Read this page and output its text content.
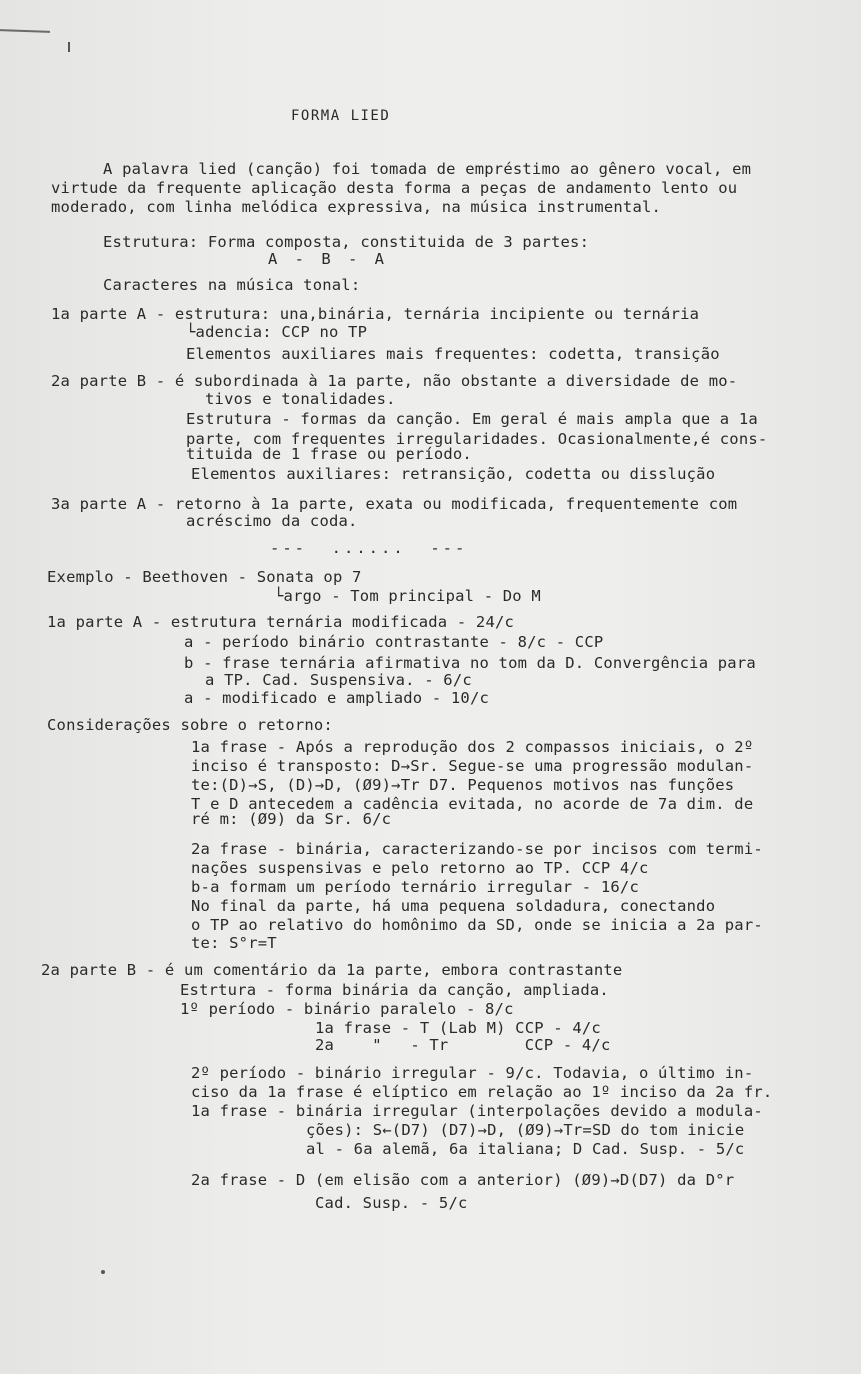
FORMA LIED
A palavra lied (canção) foi tomada de empréstimo ao gênero vocal, em
virtude da frequente aplicação desta forma a peças de andamento lento ou
moderado, com linha melódica expressiva, na música instrumental.
Estrutura: Forma composta, constituida de 3 partes:
A - B - A
Caracteres na música tonal:
1a parte A - estrutura: una,binária, ternária incipiente ou ternária
└adencia: CCP no TP
Elementos auxiliares mais frequentes: codetta, transição
2a parte B - é subordinada à 1a parte, não obstante a diversidade de mo-
tivos e tonalidades.
Estrutura - formas da canção. Em geral é mais ampla que a 1a
parte, com frequentes irregularidades. Ocasionalmente,é cons-
tituida de 1 frase ou período.
Elementos auxiliares: retransição, codetta ou disslução
3a parte A - retorno à 1a parte, exata ou modificada, frequentemente com
acréscimo da coda.
---  ......  ---
Exemplo - Beethoven - Sonata op 7
└argo - Tom principal - Do M
1a parte A - estrutura ternária modificada - 24/c
a - período binário contrastante - 8/c - CCP
b - frase ternária afirmativa no tom da D. Convergência para
a TP. Cad. Suspensiva. - 6/c
a - modificado e ampliado - 10/c
Considerações sobre o retorno:
1a frase - Após a reprodução dos 2 compassos iniciais, o 2º
inciso é transposto: D→Sr. Segue-se uma progressão modulan-
te:(D)→S, (D)→D, (Ø9)→Tr D7. Pequenos motivos nas funções
T e D antecedem a cadência evitada, no acorde de 7a dim. de
ré m: (Ø9) da Sr. 6/c
2a frase - binária, caracterizando-se por incisos com termi-
nações suspensivas e pelo retorno ao TP. CCP 4/c
b-a formam um período ternário irregular - 16/c
No final da parte, há uma pequena soldadura, conectando
o TP ao relativo do homônimo da SD, onde se inicia a 2a par-
te: S°r=T
2a parte B - é um comentário da 1a parte, embora contrastante
Estrtura - forma binária da canção, ampliada.
1º período - binário paralelo - 8/c
1a frase - T (Lab M) CCP - 4/c
2a    "   - Tr        CCP - 4/c
2º período - binário irregular - 9/c. Todavia, o último in-
ciso da 1a frase é elíptico em relação ao 1º inciso da 2a fr.
1a frase - binária irregular (interpolações devido a modula-
ções): S←(D7) (D7)→D, (Ø9)→Tr=SD do tom inicie
al - 6a alemã, 6a italiana; D Cad. Susp. - 5/c
2a frase - D (em elisão com a anterior) (Ø9)→D(D7) da D°r
Cad. Susp. - 5/c
